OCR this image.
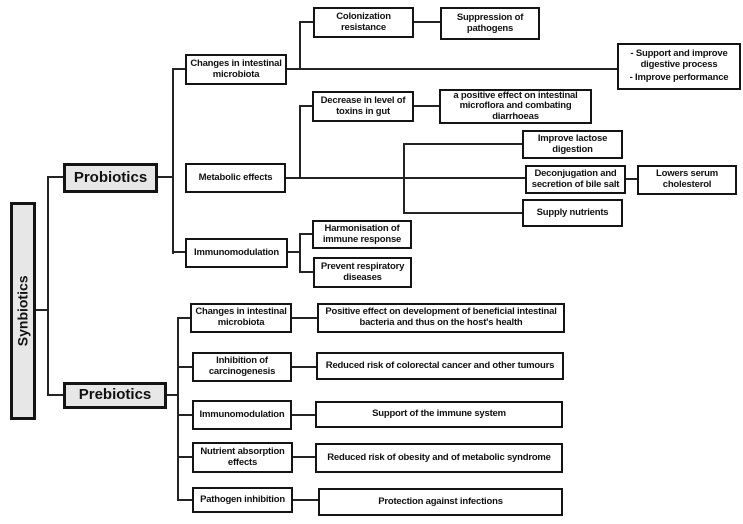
Synbiotics
Probiotics
Prebiotics
Changes in intestinal microbiota
Colonization resistance
Suppression of pathogens
- Support and improve digestive process
- Improve performance
Metabolic effects
Decrease in level of toxins in gut
a positive effect on intestinal microflora and combating diarrhoeas
Improve lactose digestion
Deconjugation and secretion of bile salt
Lowers serum cholesterol
Supply nutrients
Immunomodulation
Harmonisation of immune response
Prevent respiratory diseases
Changes in intestinal microbiota
Positive effect on development of beneficial intestinal bacteria and thus on the host's health
Inhibition of carcinogenesis
Reduced risk of colorectal cancer and other tumours
Immunomodulation	Support of the immune system
Nutrient absorption effects	Reduced risk of obesity and of metabolic syndrome
Pathogen inhibition	Protection against infections
